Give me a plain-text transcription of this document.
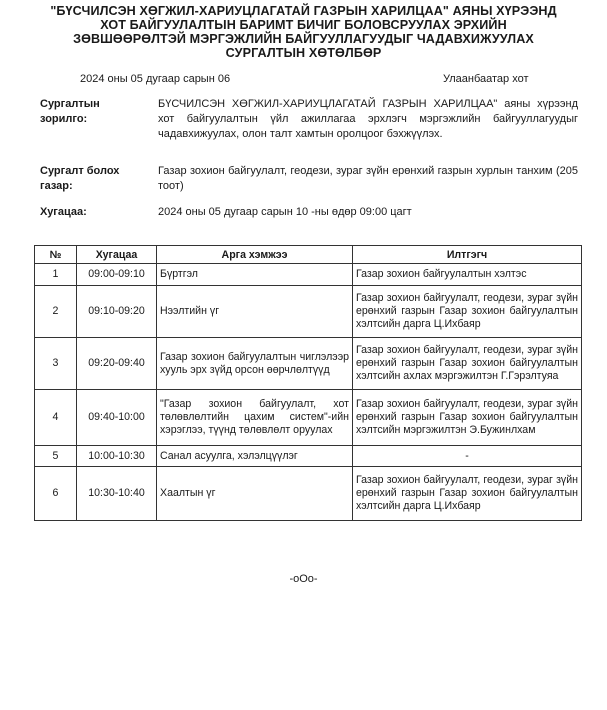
"БҮСЧИЛСЭН ХӨГЖИЛ-ХАРИУЦЛАГАТАЙ ГАЗРЫН ХАРИЛЦАА" АЯНЫ ХҮРЭЭНД
ХОТ БАЙГУУЛАЛТЫН БАРИМТ БИЧИГ БОЛОВСРУУЛАХ ЭРХИЙН
ЗӨВШӨӨРӨЛТЭЙ МЭРГЭЖЛИЙН БАЙГУУЛЛАГУУДЫГ ЧАДАВХИЖУУЛАХ
СУРГАЛТЫН ХӨТӨЛБӨР
2024 оны 05 дугаар сарын 06	Улаанбаатар хот
Сургалтын
зорилго:
БҮСЧИЛСЭН ХӨГЖИЛ-ХАРИУЦЛАГАТАЙ ГАЗРЫН ХАРИЛЦАА" аяны хүрээнд хот байгуулалтын үйл ажиллагаа эрхлэгч мэргэжлийн байгууллагуудыг чадавхижуулах, олон талт хамтын оролцоог бэхжүүлэх.
Сургалт болох
газар:
Газар зохион байгуулалт, геодези, зураг зүйн ерөнхий газрын хурлын танхим (205 тоот)
Хугацаа:	2024 оны 05 дугаар сарын 10 -ны өдөр 09:00 цагт
№	Хугацаа	Арга хэмжээ	Илтгэгч
1	09:00-09:10	Бүртгэл	Газар зохион байгуулалтын хэлтэс
2	09:10-09:20	Нээлтийн үг	Газар зохион байгуулалт, геодези, зураг зүйн ерөнхий газрын Газар зохион байгуулалтын хэлтсийн дарга Ц.Ихбаяр
3	09:20-09:40	Газар зохион байгуулалтын чиглэлээр хууль эрх зүйд орсон өөрчлөлтүүд	Газар зохион байгуулалт, геодези, зураг зүйн ерөнхий газрын Газар зохион байгуулалтын хэлтсийн ахлах мэргэжилтэн Г.Гэрэлтуяа
4	09:40-10:00	"Газар зохион байгуулалт, хот төлөвлөлтийн цахим систем"-ийн хэрэглээ, түүнд төлөвлөлт оруулах	Газар зохион байгуулалт, геодези, зураг зүйн ерөнхий газрын Газар зохион байгуулалтын хэлтсийн мэргэжилтэн Э.Бужинлхам
5	10:00-10:30	Санал асуулга, хэлэлцүүлэг	-
6	10:30-10:40	Хаалтын үг	Газар зохион байгуулалт, геодези, зураг зүйн ерөнхий газрын Газар зохион байгуулалтын хэлтсийн дарга Ц.Ихбаяр
-oOo-
